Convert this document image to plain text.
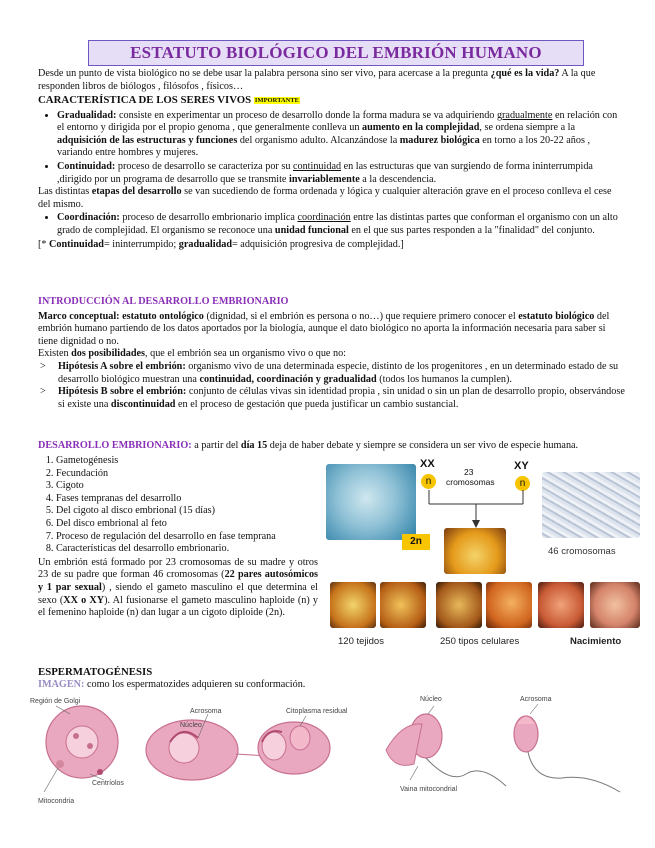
ESTATUTO BIOLÓGICO DEL EMBRIÓN HUMANO

Desde un punto de vista biológico no se debe usar la palabra persona sino ser vivo, para acercase a la pregunta ¿qué es la vida? A la que responden libros de biólogos , filósofos , físicos…

CARACTERÍSTICA DE LOS SERES VIVOS IMPORTANTE

• Gradualidad: consiste en experimentar un proceso de desarrollo donde la forma madura se va adquiriendo gradualmente en relación con el entorno y dirigida por el propio genoma , que generalmente conlleva un aumento en la complejidad, se ordena siempre a la adquisición de las estructuras y funciones del organismo adulto. Alcanzándose la madurez biológica en torno a los 20-22 años , variando entre hombres y mujeres.
• Continuidad: proceso de desarrollo se caracteriza por su continuidad en las estructuras que van surgiendo de forma ininterrumpida ,dirigido por un programa de desarrollo que se transmite invariablemente a la descendencia.

Las distintas etapas del desarrollo se van sucediendo de forma ordenada y lógica y cualquier alteración grave en el proceso conlleva el cese del mismo.

• Coordinación: proceso de desarrollo embrionario implica coordinación entre las distintas partes que conforman el organismo con un alto grado de complejidad. El organismo se reconoce una unidad funcional en el que sus partes responden a la "finalidad" del conjunto.

[* Continuidad= ininterrumpido; gradualidad= adquisición progresiva de complejidad.]

INTRODUCCIÓN AL DESARROLLO EMBRIONARIO

Marco conceptual: estatuto ontológico (dignidad, si el embrión es persona o no…) que requiere primero conocer el estatuto biológico del embrión humano partiendo de los datos aportados por la biología, aunque el dato biológico no aporta la información necesaria para saber si tiene dignidad o no.

Existen dos posibilidades, que el embrión sea un organismo vivo o que no:

> Hipótesis A sobre el embrión: organismo vivo de una determinada especie, distinto de los progenitores , en un determinado estado de su desarrollo biológico muestran una continuidad, coordinación y gradualidad (todos los humanos la cumplen).
> Hipótesis B sobre el embrión: conjunto de células vivas sin identidad propia , sin unidad o sin un plan de desarrollo propio, observándose si existe una discontinuidad en el proceso de gestación que pueda justificar un cambio sustancial.

DESARROLLO EMBRIONARIO: a partir del día 15 deja de haber debate y siempre se considera un ser vivo de especie humana.

1. Gametogénesis
2. Fecundación
3. Cigoto
4. Fases tempranas del desarrollo
5. Del cigoto al disco embrional (15 días)
6. Del disco embrional al feto
7. Proceso de regulación del desarrollo en fase temprana
8. Características del desarrollo embrionario.

Un embrión está formado por 23 cromosomas de su madre y otros 23 de su padre que forman 46 cromosomas (22 pares autosómicos y 1 par sexual) , siendo el gameto masculino el que determina el sexo (XX o XY). Al fusionarse el gameto masculino haploide (n) y el femenino haploide (n) dan lugar a un cigoto diploide (2n).

XX	XY
n	n
23
cromosomas
2n
46 cromosomas
120 tejidos	250 tipos celulares	Nacimiento

ESPERMATOGÉNESIS

IMAGEN: como los espermatozides adquieren su conformación.

Región de Golgi
Acrosoma
Núcleo
Citoplasma residual
Núcleo	Acrosoma
Centríolos
Mitocondria
Vaina mitocondrial
